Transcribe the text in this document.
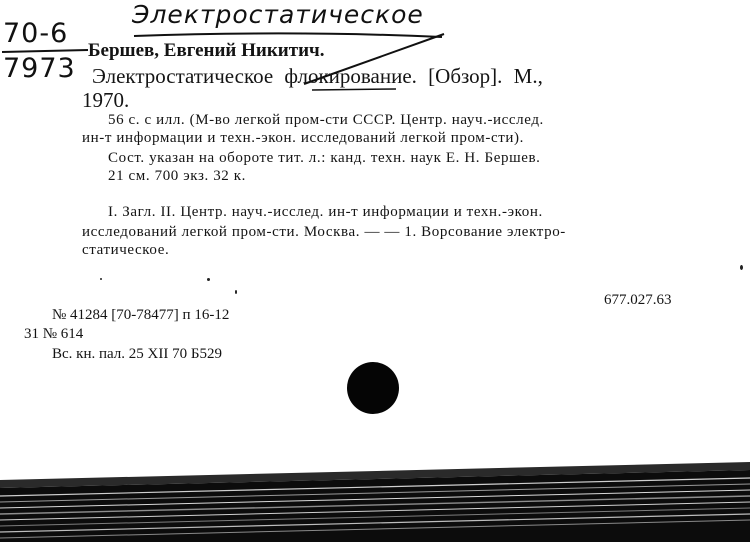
Электростатическое
70-6
7973
Бершев, Евгений Никитич.
Электростатическое флокирование. [Обзор]. М.,
1970.
56 с. с илл. (М-во легкой пром-сти СССР. Центр. науч.-исслед.
ин-т информации и техн.-экон. исследований легкой пром-сти).
Сост. указан на обороте тит. л.: канд. техн. наук Е. Н. Бершев.
21 см. 700 экз. 32 к.
I. Загл. II. Центр. науч.-исслед. ин-т информации и техн.-экон.
исследований легкой пром-сти. Москва. — — 1. Ворсование электро-
статическое.
677.027.63
№ 41284 [70-78477] п 16-12
31 № 614
Вс. кн. пал. 25 XII 70 Б529
